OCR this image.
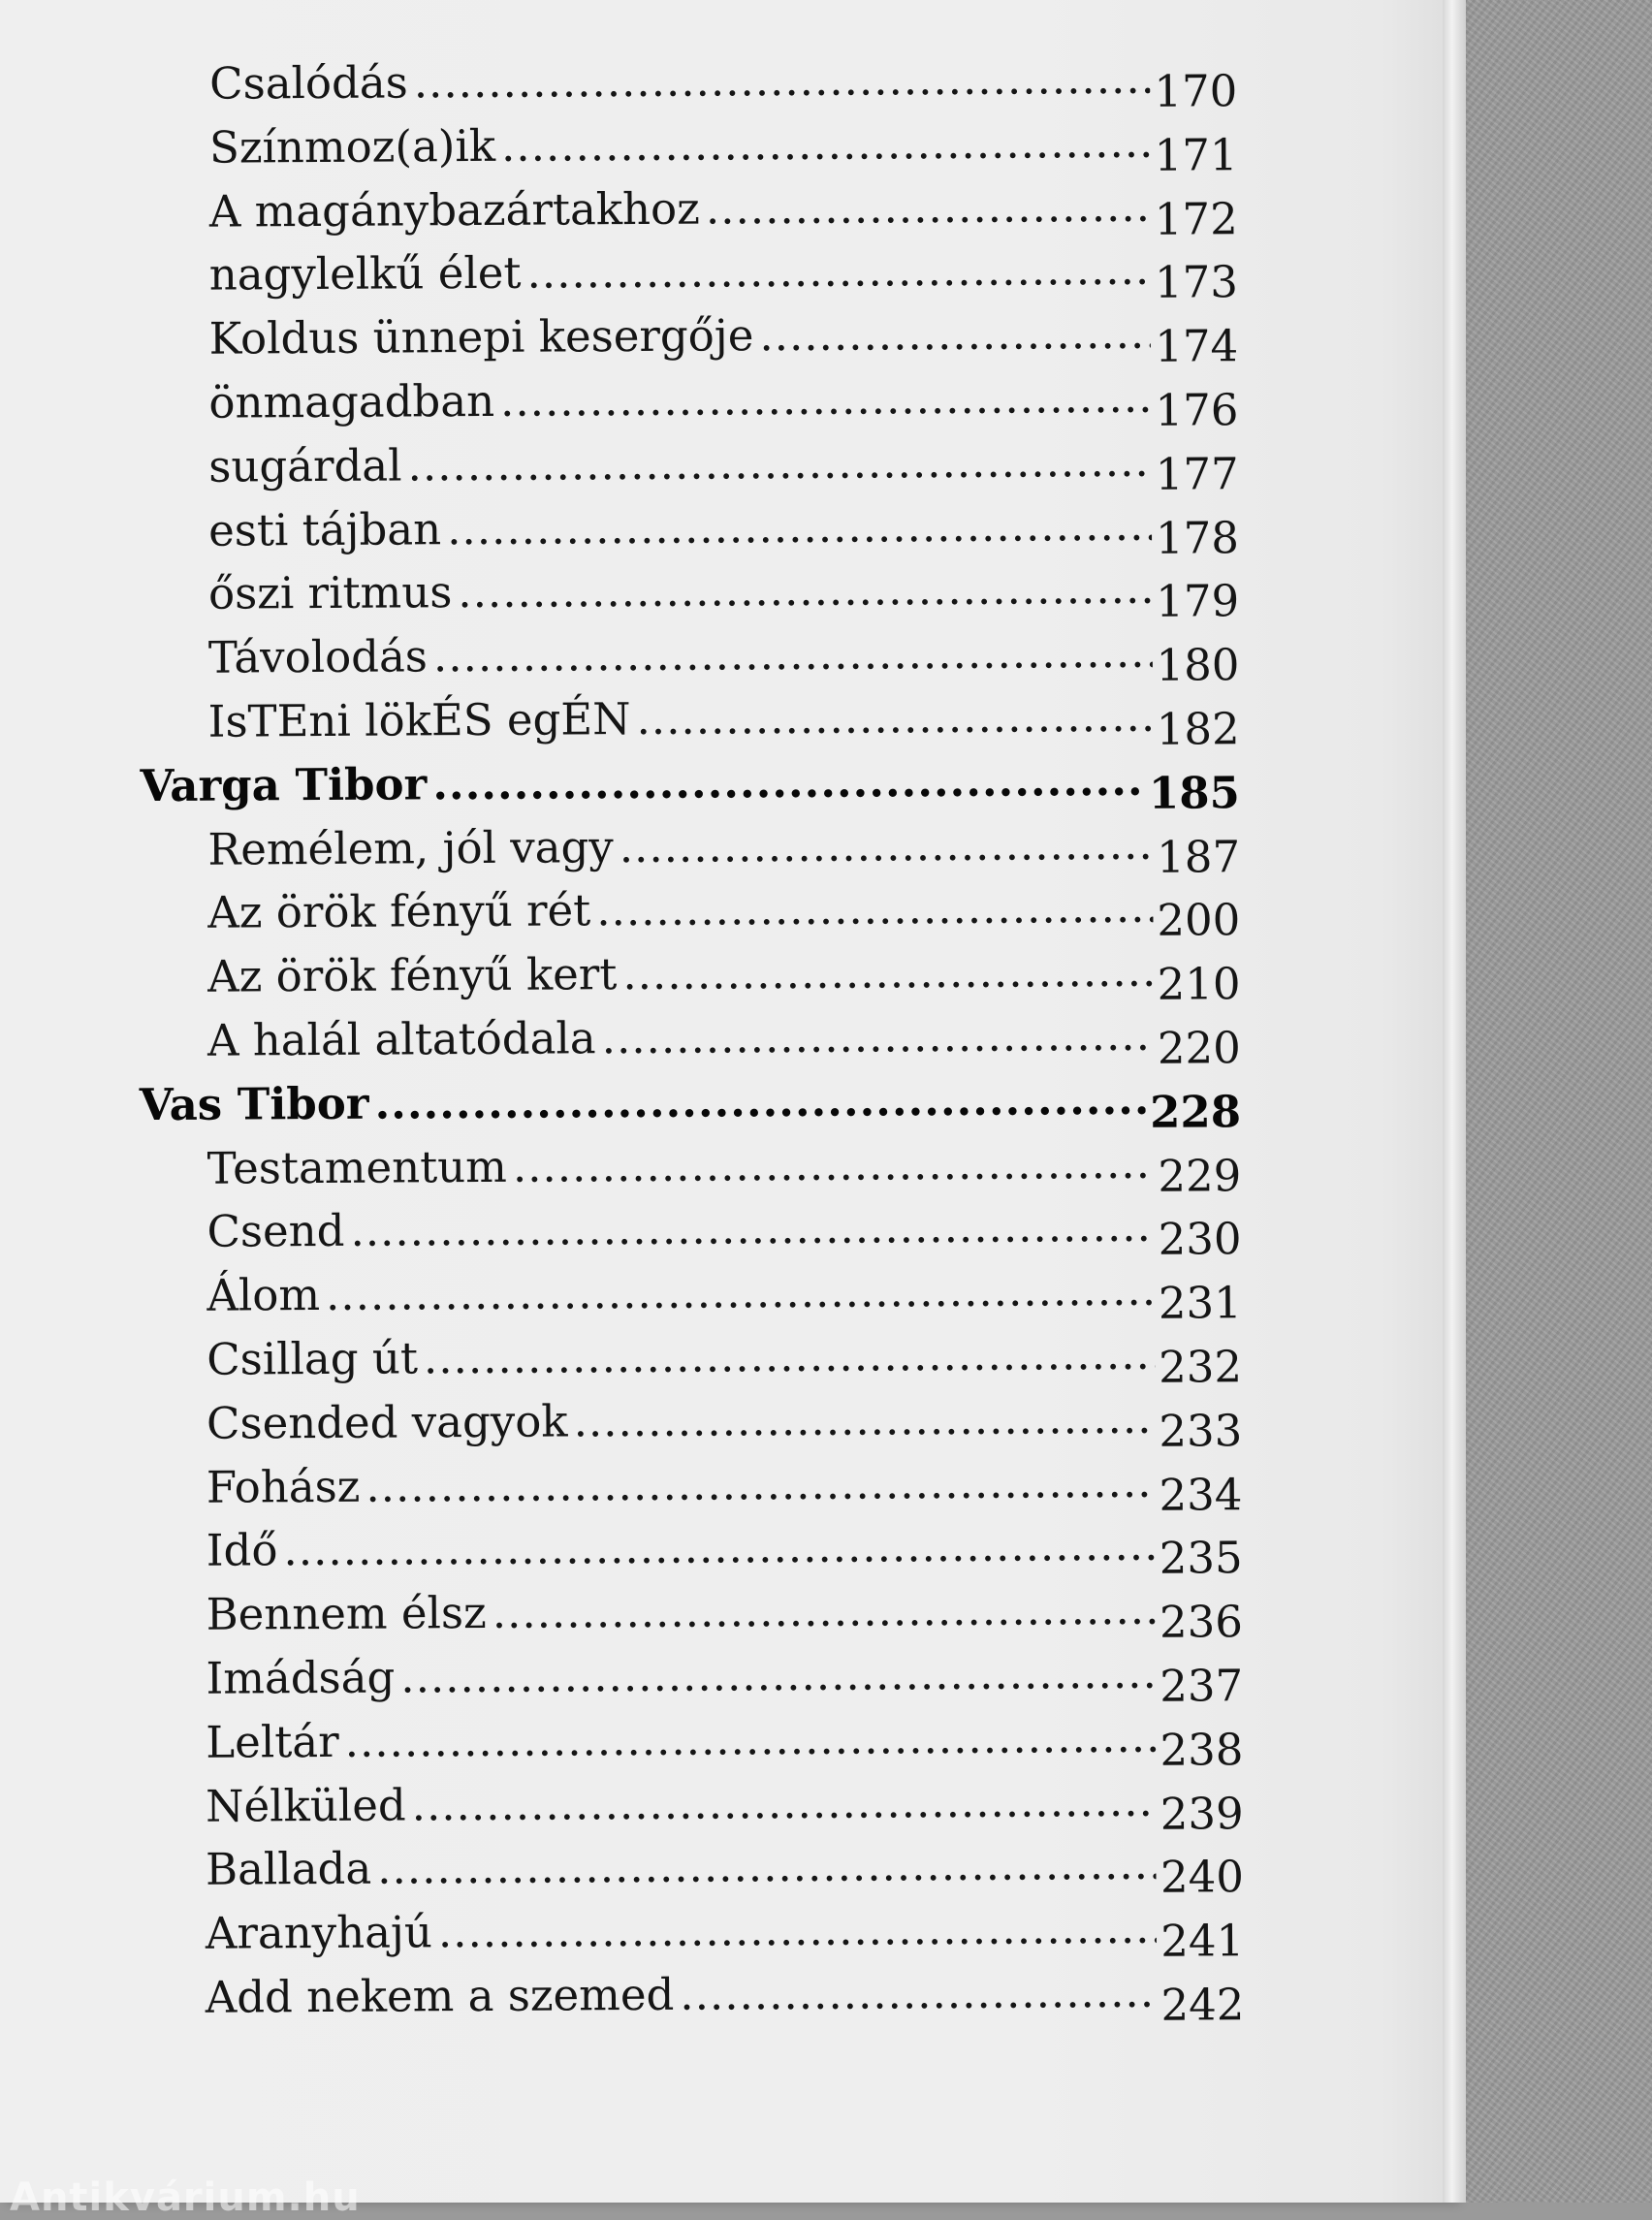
Csalódás .....	170
Színmoz(a)ik .....	171
A magánybazártakhoz .....	172
nagylelkű élet .....	173
Koldus ünnepi kesergője .....	174
önmagadban .....	176
sugárdal .....	177
esti tájban .....	178
őszi ritmus .....	179
Távolodás .....	180
IsTEni lökÉS egÉN .....	182
Varga Tibor .....	185
Remélem, jól vagy .....	187
Az örök fényű rét .....	200
Az örök fényű kert .....	210
A halál altatódala .....	220
Vas Tibor .....	228
Testamentum .....	229
Csend .....	230
Álom .....	231
Csillag út .....	232
Csended vagyok .....	233
Fohász .....	234
Idő .....	235
Bennem élsz .....	236
Imádság .....	237
Leltár .....	238
Nélküled .....	239
Ballada .....	240
Aranyhajú .....	241
Add nekem a szemed .....	242
Antikvárium.hu
